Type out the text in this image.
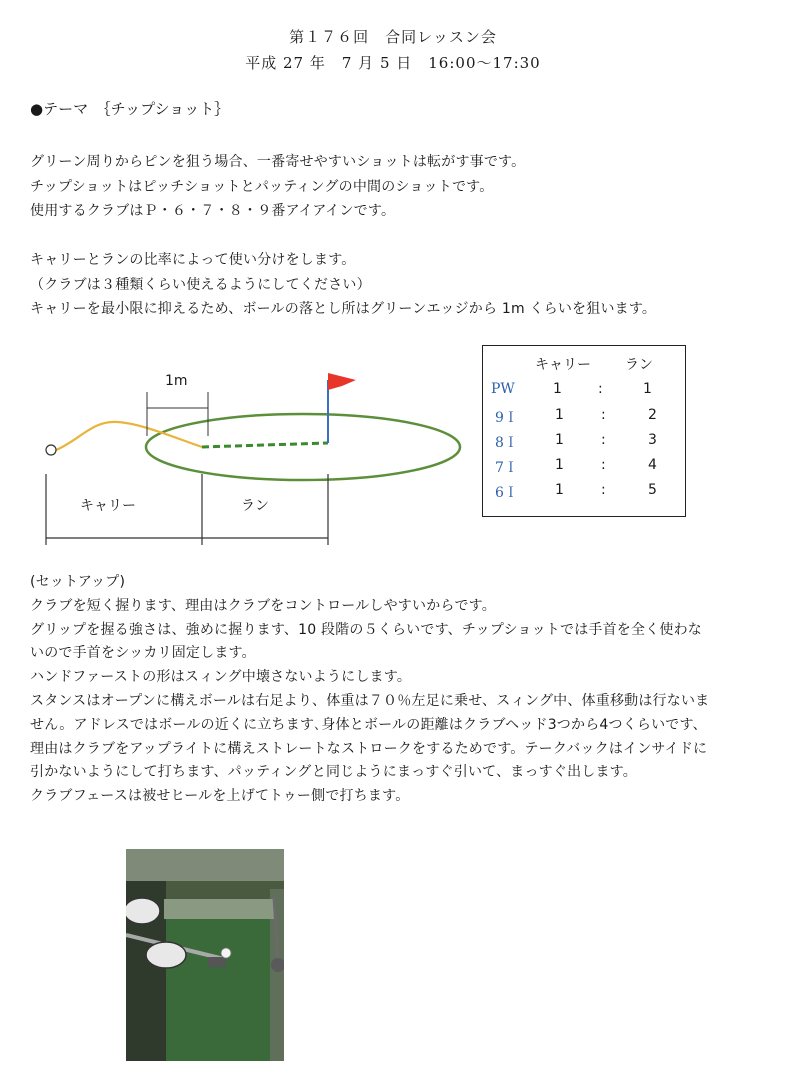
第１７６回　合同レッスン会
平成 27 年　7 月 5 日　16:00〜17:30
●テーマ　｛チップショット｝
グリーン周りからピンを狙う場合、一番寄せやすいショットは転がす事です。
チップショットはピッチショットとパッティングの中間のショットです。
使用するクラブはＰ・６・７・８・９番アイアインです。
キャリーとランの比率によって使い分けをします。
（クラブは３種類くらい使えるようにしてください）
キャリーを最小限に抑えるため、ボールの落とし所はグリーンエッジから 1m くらいを狙います。
1m
キャリー	ラン
キャリー ラン
PW	1	:	1
9Ｉ	1	:	2
8Ｉ	1	:	3
7Ｉ	1	:	4
6Ｉ	1	:	5
(セットアップ)
クラブを短く握ります、理由はクラブをコントロールしやすいからです。
グリップを握る強さは、強めに握ります、10 段階の５くらいです、チップショットでは手首を全く使わな
いので手首をシッカリ固定します。
ハンドファーストの形はスィング中壊さないようにします。
スタンスはオープンに構えボールは右足より、体重は７０％左足に乗せ、スィング中、体重移動は行ないま
せん。アドレスではボールの近くに立ちます､身体とボールの距離はクラブヘッド3つから4つくらいです、
理由はクラブをアップライトに構えストレートなストロークをするためです。テークバックはインサイドに
引かないようにして打ちます、パッティングと同じようにまっすぐ引いて、まっすぐ出します。
クラブフェースは被せヒールを上げてトゥー側で打ちます。
